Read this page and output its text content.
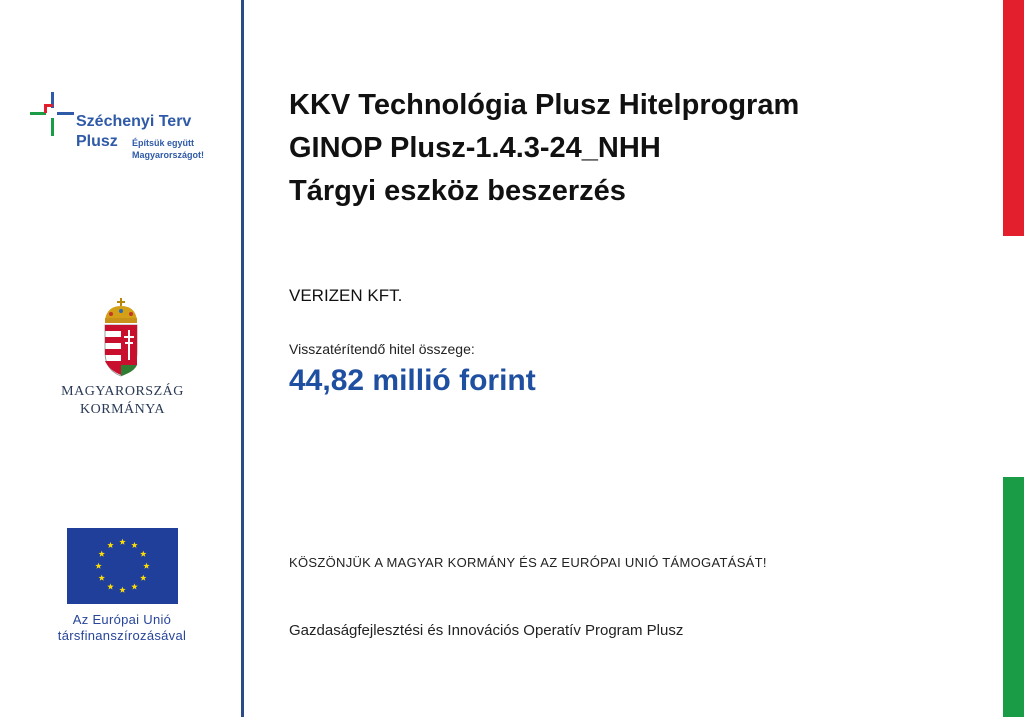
Széchenyi Terv
Plusz Építsük együtt
Magyarországot!
MAGYARORSZÁG
KORMÁNYA
Az Európai Unió
társfinanszírozásával
KKV Technológia Plusz Hitelprogram
GINOP Plusz-1.4.3-24_NHH
Tárgyi eszköz beszerzés
VERIZEN KFT.
Visszatérítendő hitel összege:
44,82 millió forint
KÖSZÖNJÜK A MAGYAR KORMÁNY ÉS AZ EURÓPAI UNIÓ TÁMOGATÁSÁT!
Gazdaságfejlesztési és Innovációs Operatív Program Plusz
